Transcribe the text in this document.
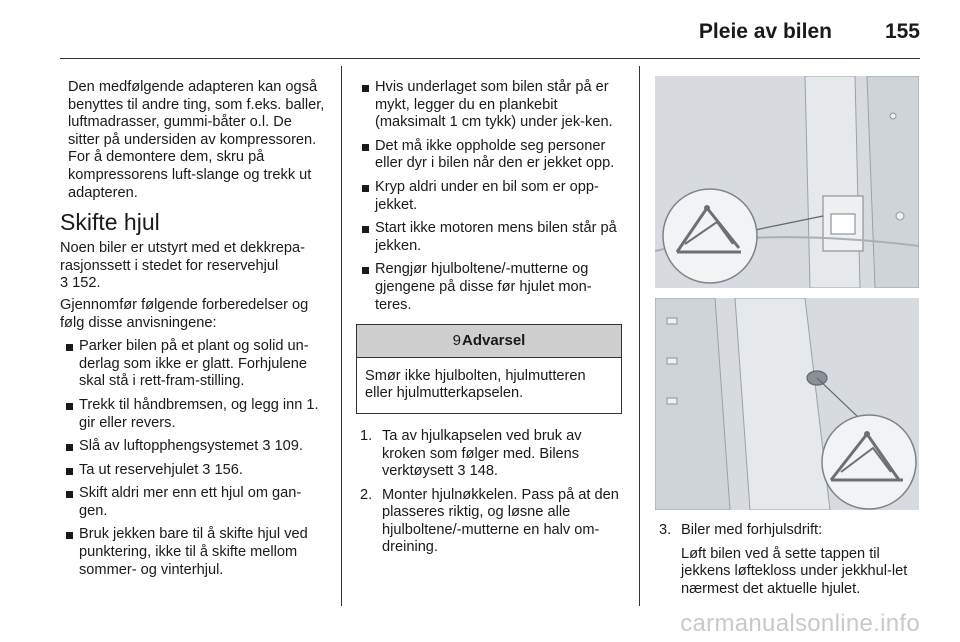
Pleie av bilen	155

Den medfølgende adapteren kan også benyttes til andre ting, som f.eks. baller, luftmadrasser, gummi-båter o.l. De sitter på undersiden av kompressoren. For å demontere dem, skru på kompressorens luft-slange og trekk ut adapteren.

Skifte hjul

Noen biler er utstyrt med et dekkrepa-rasjonssett i stedet for reservehjul
3 152.

Gjennomfør følgende forberedelser og følg disse anvisningene:

Parker bilen på et plant og solid un-derlag som ikke er glatt. Forhjulene skal stå i rett-fram-stilling.
Trekk til håndbremsen, og legg inn 1. gir eller revers.
Slå av luftopphengsystemet 3 109.
Ta ut reservehjulet 3 156.
Skift aldri mer enn ett hjul om gan-gen.
Bruk jekken bare til å skifte hjul ved punktering, ikke til å skifte mellom sommer- og vinterhjul.
Hvis underlaget som bilen står på er mykt, legger du en plankebit (maksimalt 1 cm tykk) under jek-ken.
Det må ikke oppholde seg personer eller dyr i bilen når den er jekket opp.
Kryp aldri under en bil som er opp-jekket.
Start ikke motoren mens bilen står på jekken.
Rengjør hjulboltene/-mutterne og gjengene på disse før hjulet mon-teres.
9Advarsel
Smør ikke hjulbolten, hjulmutteren eller hjulmutterkapselen.
1. Ta av hjulkapselen ved bruk av kroken som følger med. Bilens verktøysett 3 148.
2. Monter hjulnøkkelen. Pass på at den plasseres riktig, og løsne alle hjulboltene/-mutterne en halv om-dreining.
3. Biler med forhjulsdrift:
Løft bilen ved å sette tappen til jekkens løftekloss under jekkhul-let nærmest det aktuelle hjulet.
carmanualsonline.info
